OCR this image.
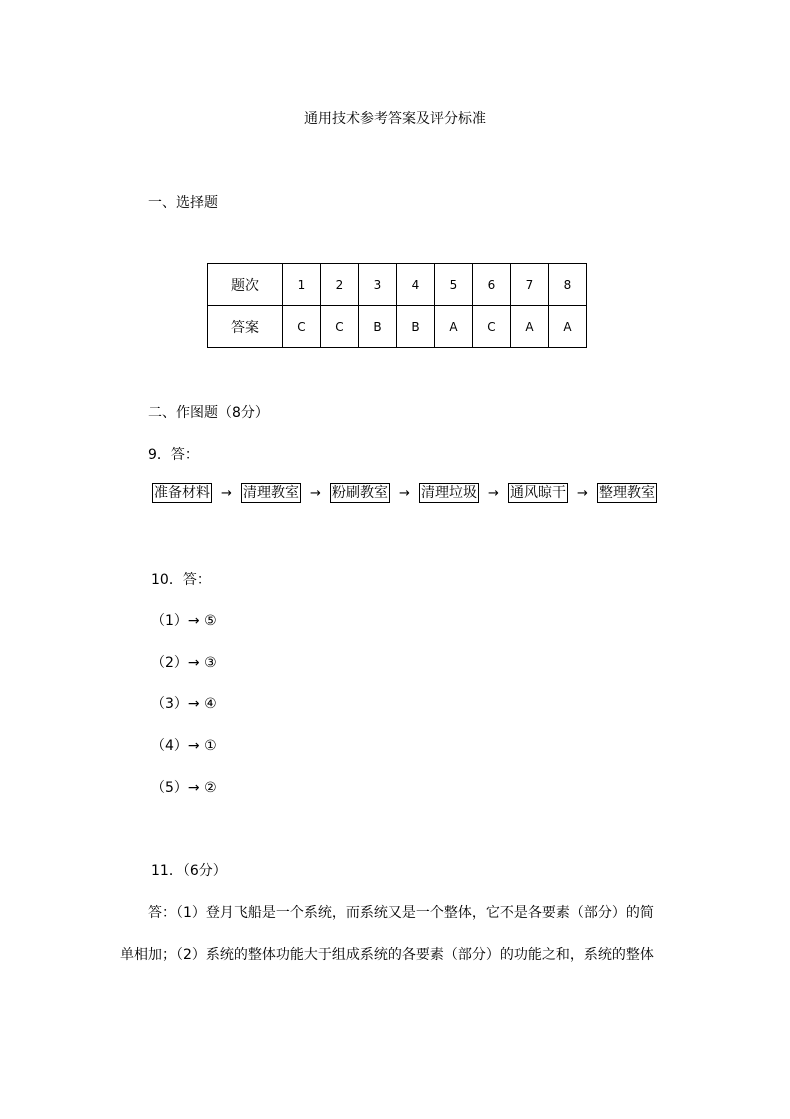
通用技术参考答案及评分标准
一、选择题
题次	1	2	3	4	5	6	7	8
答案	C	C	B	B	A	C	A	A
二、作图题（8分）
9．答：
准备材料 → 清理教室 → 粉刷教室 → 清理垃圾 → 通风晾干 → 整理教室
10．答：
（1）→ ⑤
（2）→ ③
（3）→ ④
（4）→ ①
（5）→ ②
11．（6分）
答：（1）登月飞船是一个系统，而系统又是一个整体，它不是各要素（部分）的简
单相加；（2）系统的整体功能大于组成系统的各要素（部分）的功能之和，系统的整体
